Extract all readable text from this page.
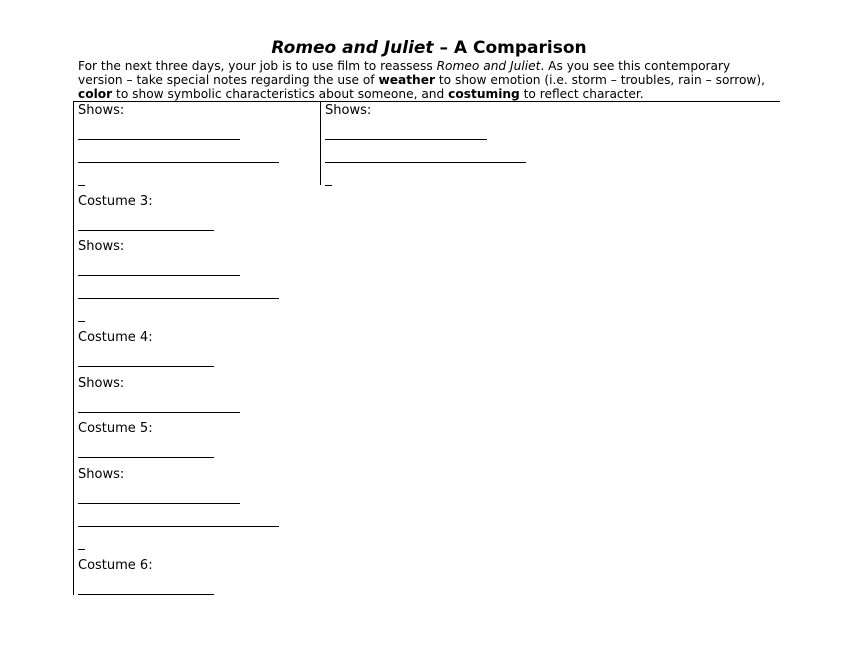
Romeo and Juliet – A Comparison
For the next three days, your job is to use film to reassess Romeo and Juliet. As you see this contemporary version – take special notes regarding the use of weather to show emotion (i.e. storm – troubles, rain – sorrow), color to show symbolic characteristics about someone, and costuming to reflect character.
Shows:	Shows:
Costume 3:
Shows:
Costume 4:
Shows:
Costume 5:
Shows:
Costume 6:
